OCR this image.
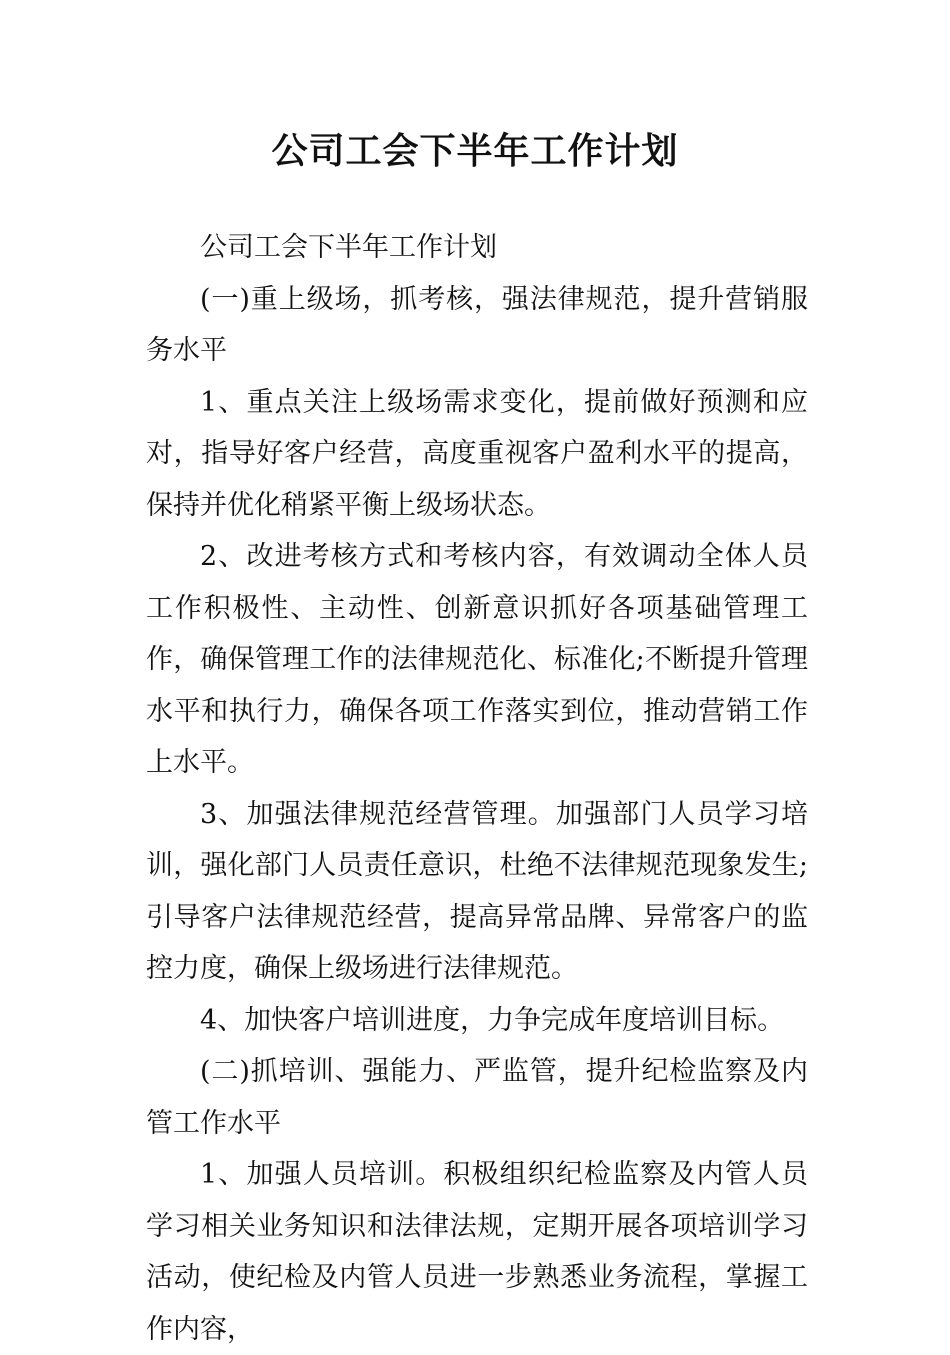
公司工会下半年工作计划

公司工会下半年工作计划

(一)重上级场，抓考核，强法律规范，提升营销服务水平

1、重点关注上级场需求变化，提前做好预测和应对，指导好客户经营，高度重视客户盈利水平的提高，保持并优化稍紧平衡上级场状态。

2、改进考核方式和考核内容，有效调动全体人员工作积极性、主动性、创新意识抓好各项基础管理工作，确保管理工作的法律规范化、标准化;不断提升管理水平和执行力，确保各项工作落实到位，推动营销工作上水平。

3、加强法律规范经营管理。加强部门人员学习培训，强化部门人员责任意识，杜绝不法律规范现象发生;引导客户法律规范经营，提高异常品牌、异常客户的监控力度，确保上级场进行法律规范。

4、加快客户培训进度，力争完成年度培训目标。

(二)抓培训、强能力、严监管，提升纪检监察及内管工作水平

1、加强人员培训。积极组织纪检监察及内管人员学习相关业务知识和法律法规，定期开展各项培训学习活动，使纪检及内管人员进一步熟悉业务流程，掌握工作内容，
